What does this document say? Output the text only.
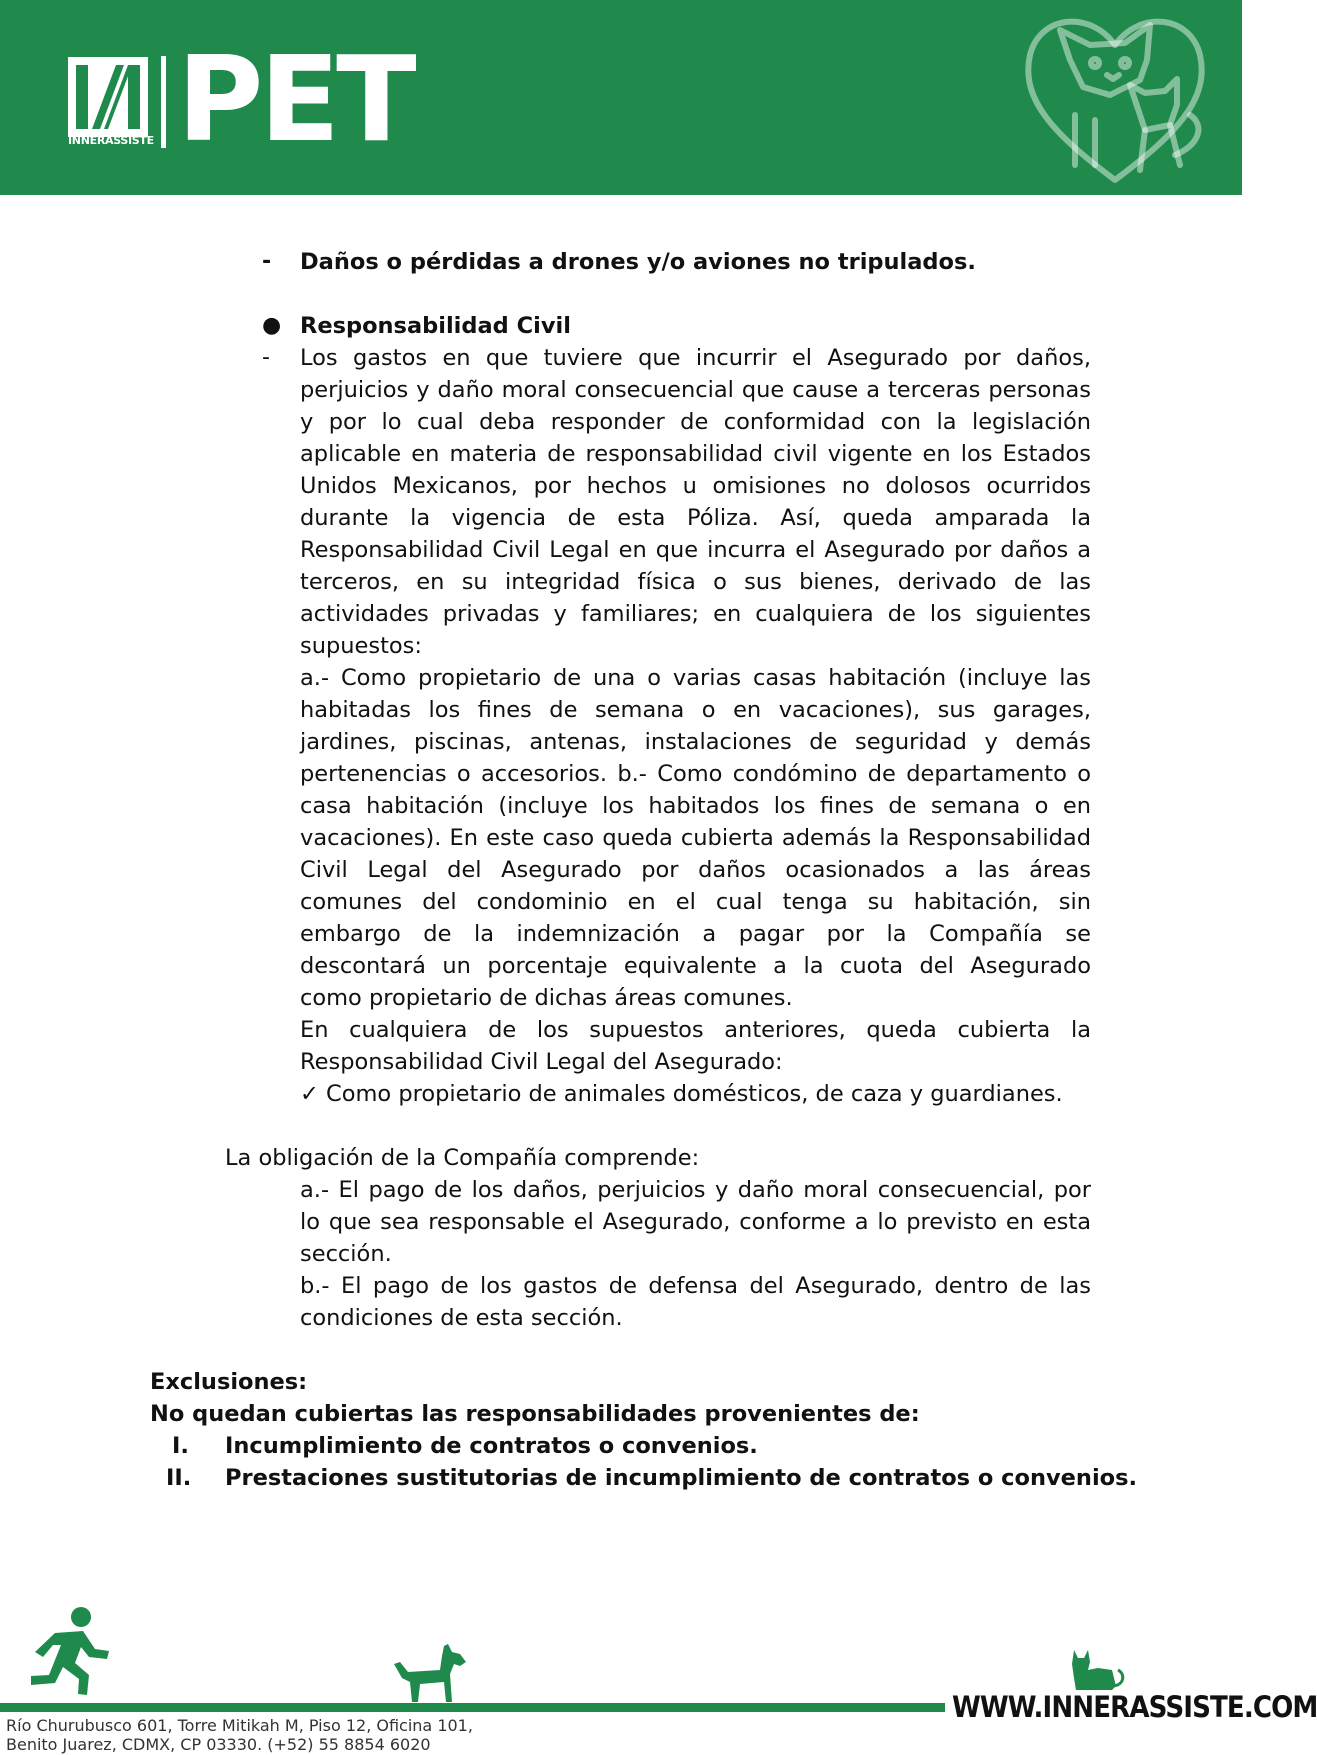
INNERASSISTE PET
- Daños o pérdidas a drones y/o aviones no tripulados.
● Responsabilidad Civil
- Los gastos en que tuviere que incurrir el Asegurado por daños,
perjuicios y daño moral consecuencial que cause a terceras personas
y por lo cual deba responder de conformidad con la legislación
aplicable en materia de responsabilidad civil vigente en los Estados
Unidos Mexicanos, por hechos u omisiones no dolosos ocurridos
durante la vigencia de esta Póliza. Así, queda amparada la
Responsabilidad Civil Legal en que incurra el Asegurado por daños a
terceros, en su integridad física o sus bienes, derivado de las
actividades privadas y familiares; en cualquiera de los siguientes
supuestos:
a.- Como propietario de una o varias casas habitación (incluye las
habitadas los fines de semana o en vacaciones), sus garages,
jardines, piscinas, antenas, instalaciones de seguridad y demás
pertenencias o accesorios. b.- Como condómino de departamento o
casa habitación (incluye los habitados los fines de semana o en
vacaciones). En este caso queda cubierta además la Responsabilidad
Civil Legal del Asegurado por daños ocasionados a las áreas
comunes del condominio en el cual tenga su habitación, sin
embargo de la indemnización a pagar por la Compañía se
descontará un porcentaje equivalente a la cuota del Asegurado
como propietario de dichas áreas comunes.
En cualquiera de los supuestos anteriores, queda cubierta la
Responsabilidad Civil Legal del Asegurado:
✓ Como propietario de animales domésticos, de caza y guardianes.
La obligación de la Compañía comprende:
a.- El pago de los daños, perjuicios y daño moral consecuencial, por
lo que sea responsable el Asegurado, conforme a lo previsto en esta
sección.
b.- El pago de los gastos de defensa del Asegurado, dentro de las
condiciones de esta sección.
Exclusiones:
No quedan cubiertas las responsabilidades provenientes de:
I. Incumplimiento de contratos o convenios.
II. Prestaciones sustitutorias de incumplimiento de contratos o convenios.
WWW.INNERASSISTE.COM
Río Churubusco 601, Torre Mitikah M, Piso 12, Oficina 101,
Benito Juarez, CDMX, CP 03330. (+52) 55 8854 6020
